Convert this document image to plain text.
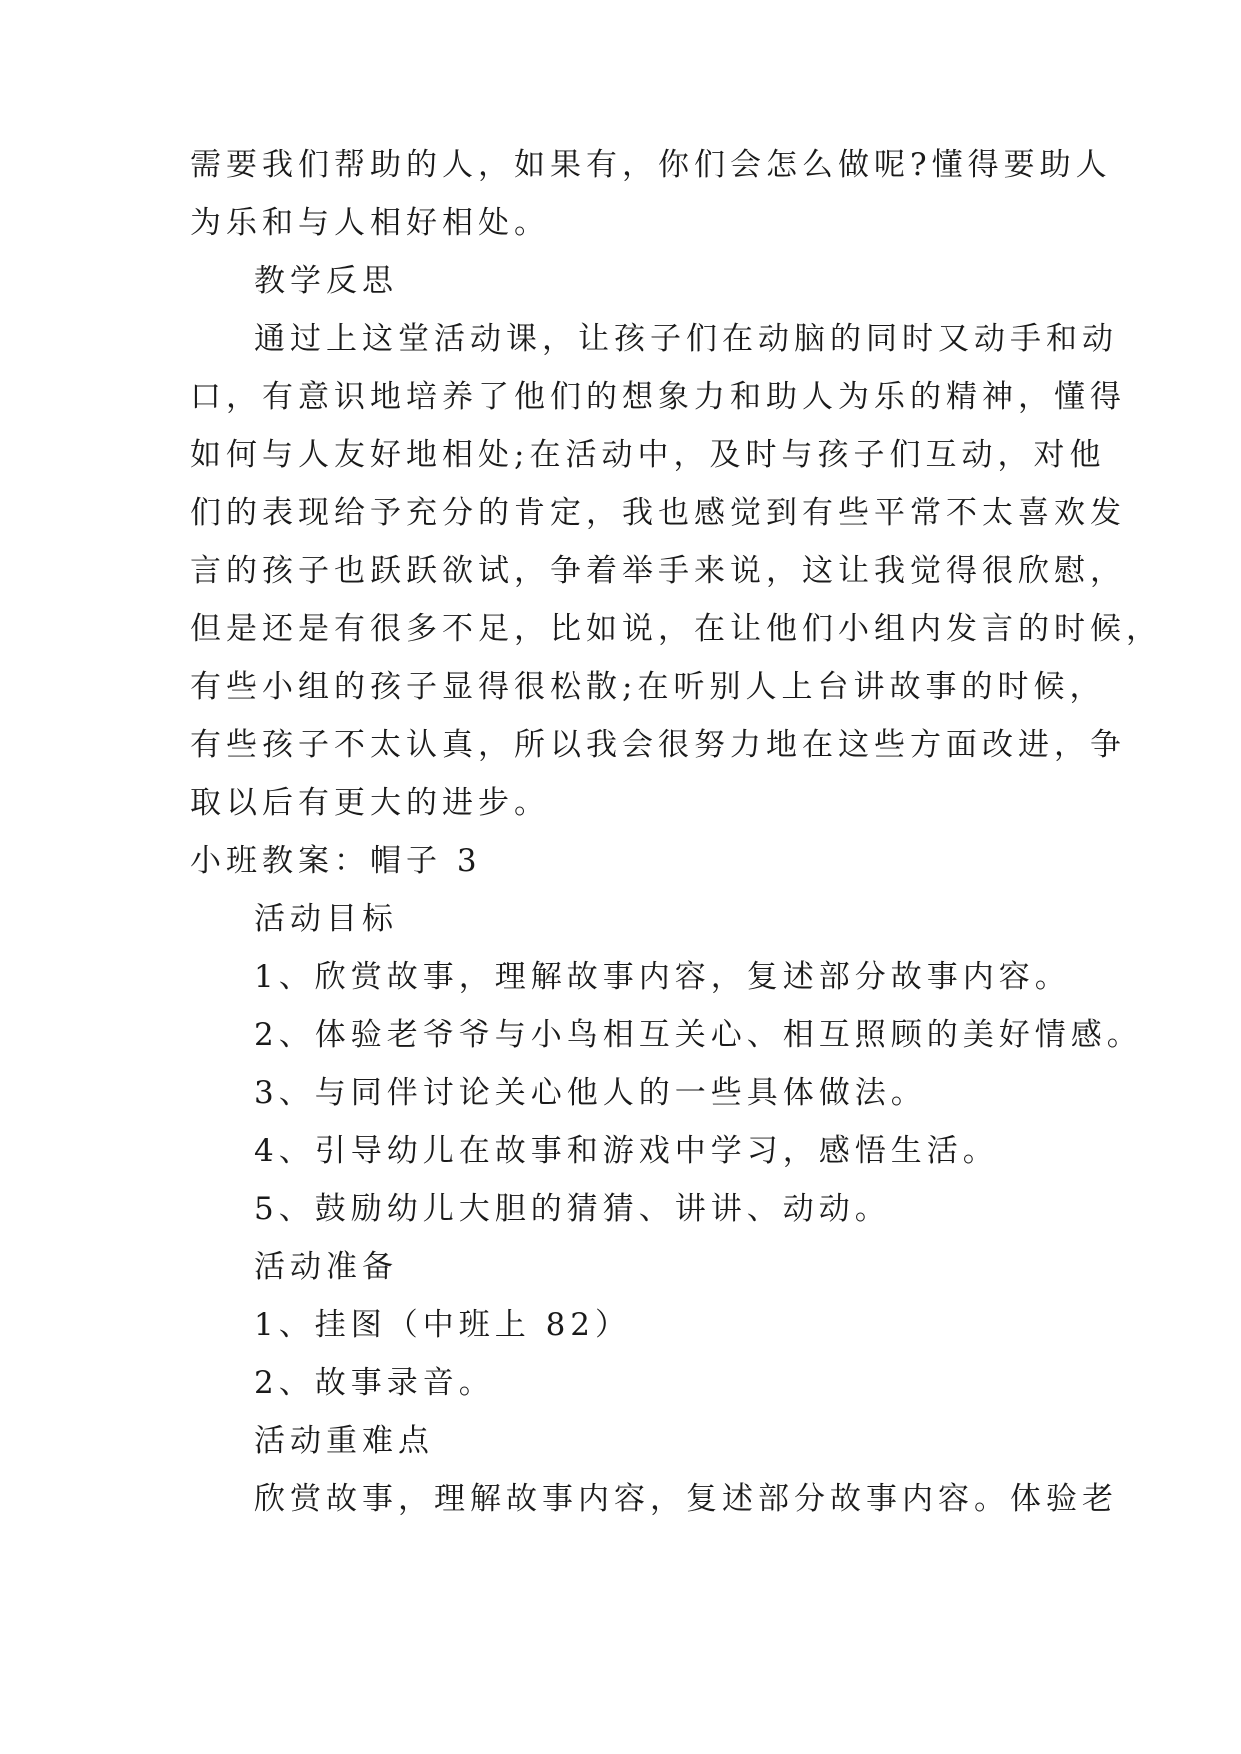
需要我们帮助的人，如果有，你们会怎么做呢?懂得要助人
为乐和与人相好相处。
教学反思
通过上这堂活动课，让孩子们在动脑的同时又动手和动
口，有意识地培养了他们的想象力和助人为乐的精神，懂得
如何与人友好地相处;在活动中，及时与孩子们互动，对他
们的表现给予充分的肯定，我也感觉到有些平常不太喜欢发
言的孩子也跃跃欲试，争着举手来说，这让我觉得很欣慰，
但是还是有很多不足，比如说，在让他们小组内发言的时候，
有些小组的孩子显得很松散;在听别人上台讲故事的时候，
有些孩子不太认真，所以我会很努力地在这些方面改进，争
取以后有更大的进步。
小班教案：帽子 3
活动目标
1、欣赏故事，理解故事内容，复述部分故事内容。
2、体验老爷爷与小鸟相互关心、相互照顾的美好情感。
3、与同伴讨论关心他人的一些具体做法。
4、引导幼儿在故事和游戏中学习，感悟生活。
5、鼓励幼儿大胆的猜猜、讲讲、动动。
活动准备
1、挂图（中班上 82）
2、故事录音。
活动重难点
欣赏故事，理解故事内容，复述部分故事内容。体验老
